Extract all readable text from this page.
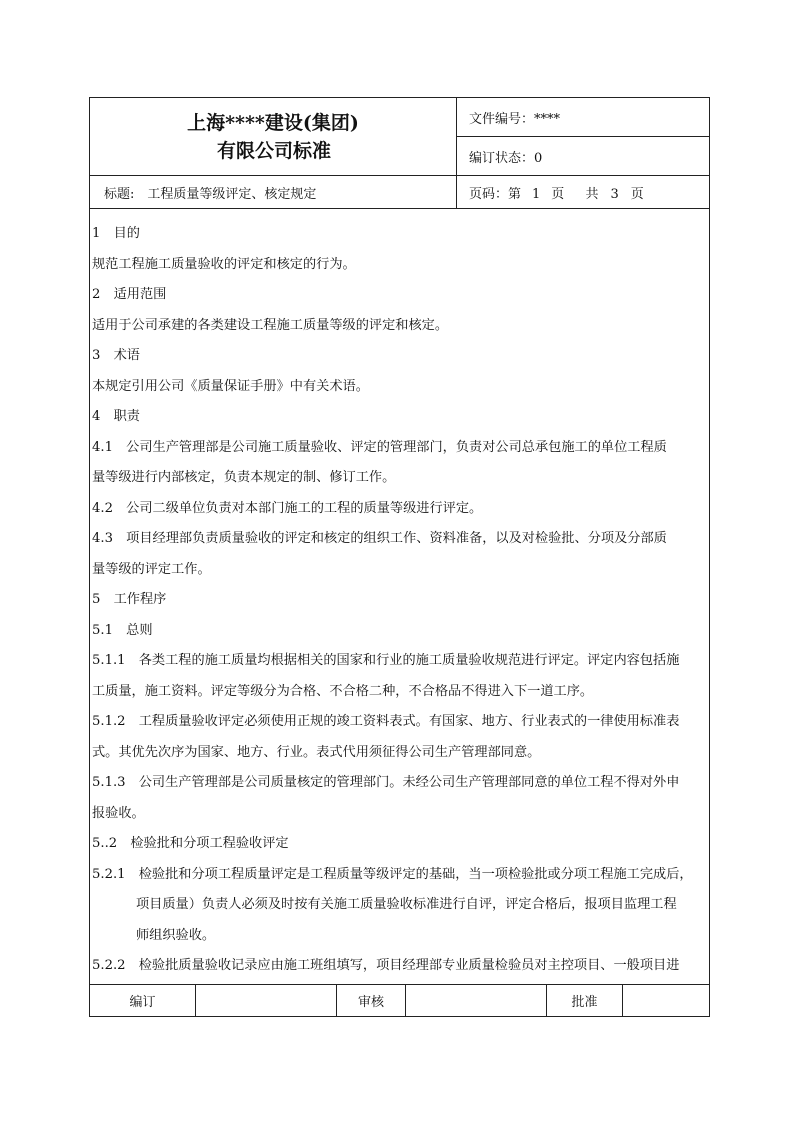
上海****建设(集团)
有限公司标准	文件编号：****
	编订状态：0
标题:　工程质量等级评定、核定规定	页码：第 1 页 共 3 页

1　目的

规范工程施工质量验收的评定和核定的行为。

2　适用范围

适用于公司承建的各类建设工程施工质量等级的评定和核定。

3　术语

本规定引用公司《质量保证手册》中有关术语。

4　职责

4.1　公司生产管理部是公司施工质量验收、评定的管理部门，负责对公司总承包施工的单位工程质

量等级进行内部核定，负责本规定的制、修订工作。

4.2　公司二级单位负责对本部门施工的工程的质量等级进行评定。

4.3　项目经理部负责质量验收的评定和核定的组织工作、资料准备，以及对检验批、分项及分部质

量等级的评定工作。

5　工作程序

5.1　总则

5.1.1　各类工程的施工质量均根据相关的国家和行业的施工质量验收规范进行评定。评定内容包括施

工质量，施工资料。评定等级分为合格、不合格二种，不合格品不得进入下一道工序。

5.1.2　工程质量验收评定必须使用正规的竣工资料表式。有国家、地方、行业表式的一律使用标准表

式。其优先次序为国家、地方、行业。表式代用须征得公司生产管理部同意。

5.1.3　公司生产管理部是公司质量核定的管理部门。未经公司生产管理部同意的单位工程不得对外申

报验收。

5..2　检验批和分项工程验收评定

5.2.1　检验批和分项工程质量评定是工程质量等级评定的基础，当一项检验批或分项工程施工完成后，

项目质量）负责人必须及时按有关施工质量验收标准进行自评，评定合格后，报项目监理工程

师组织验收。

5.2.2　检验批质量验收记录应由施工班组填写，项目经理部专业质量检验员对主控项目、一般项目进

编订		审核		批准	
